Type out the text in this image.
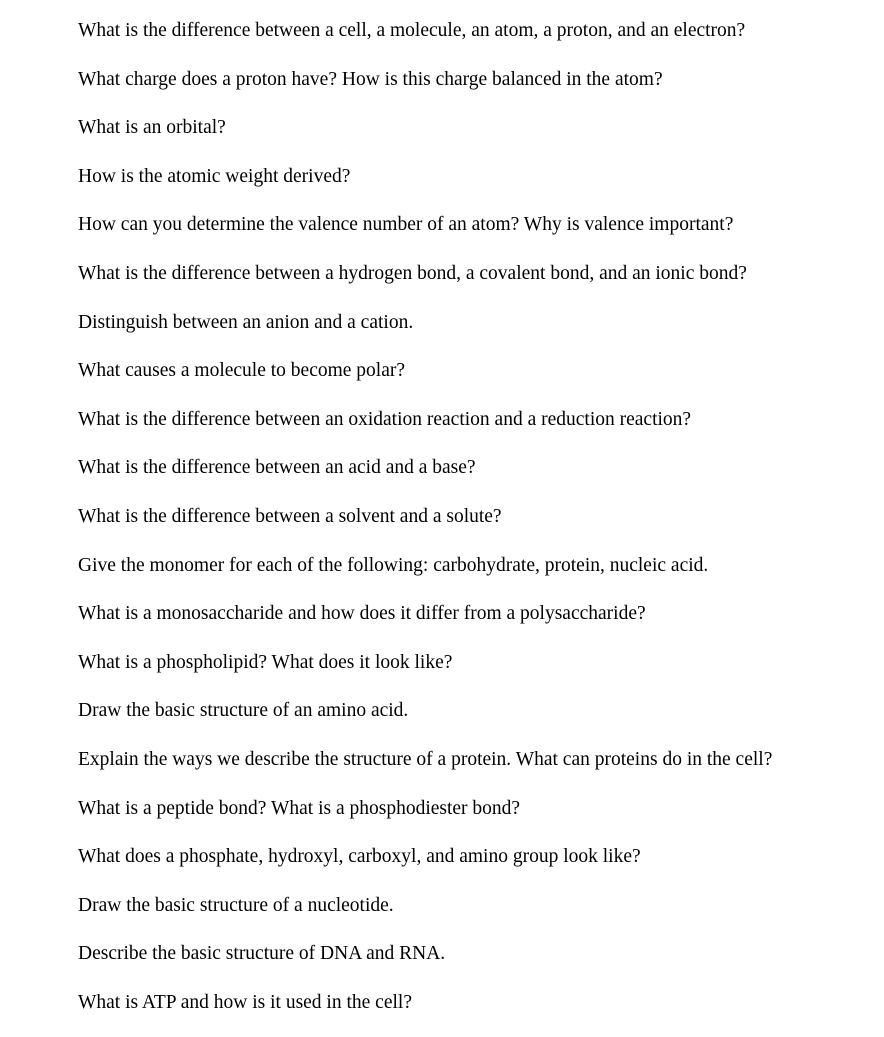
What is the difference between a cell, a molecule, an atom, a proton, and an electron?
What charge does a proton have? How is this charge balanced in the atom?
What is an orbital?
How is the atomic weight derived?
How can you determine the valence number of an atom? Why is valence important?
What is the difference between a hydrogen bond, a covalent bond, and an ionic bond?
Distinguish between an anion and a cation.
What causes a molecule to become polar?
What is the difference between an oxidation reaction and a reduction reaction?
What is the difference between an acid and a base?
What is the difference between a solvent and a solute?
Give the monomer for each of the following: carbohydrate, protein, nucleic acid.
What is a monosaccharide and how does it differ from a polysaccharide?
What is a phospholipid? What does it look like?
Draw the basic structure of an amino acid.
Explain the ways we describe the structure of a protein. What can proteins do in the cell?
What is a peptide bond? What is a phosphodiester bond?
What does a phosphate, hydroxyl, carboxyl, and amino group look like?
Draw the basic structure of a nucleotide.
Describe the basic structure of DNA and RNA.
What is ATP and how is it used in the cell?
